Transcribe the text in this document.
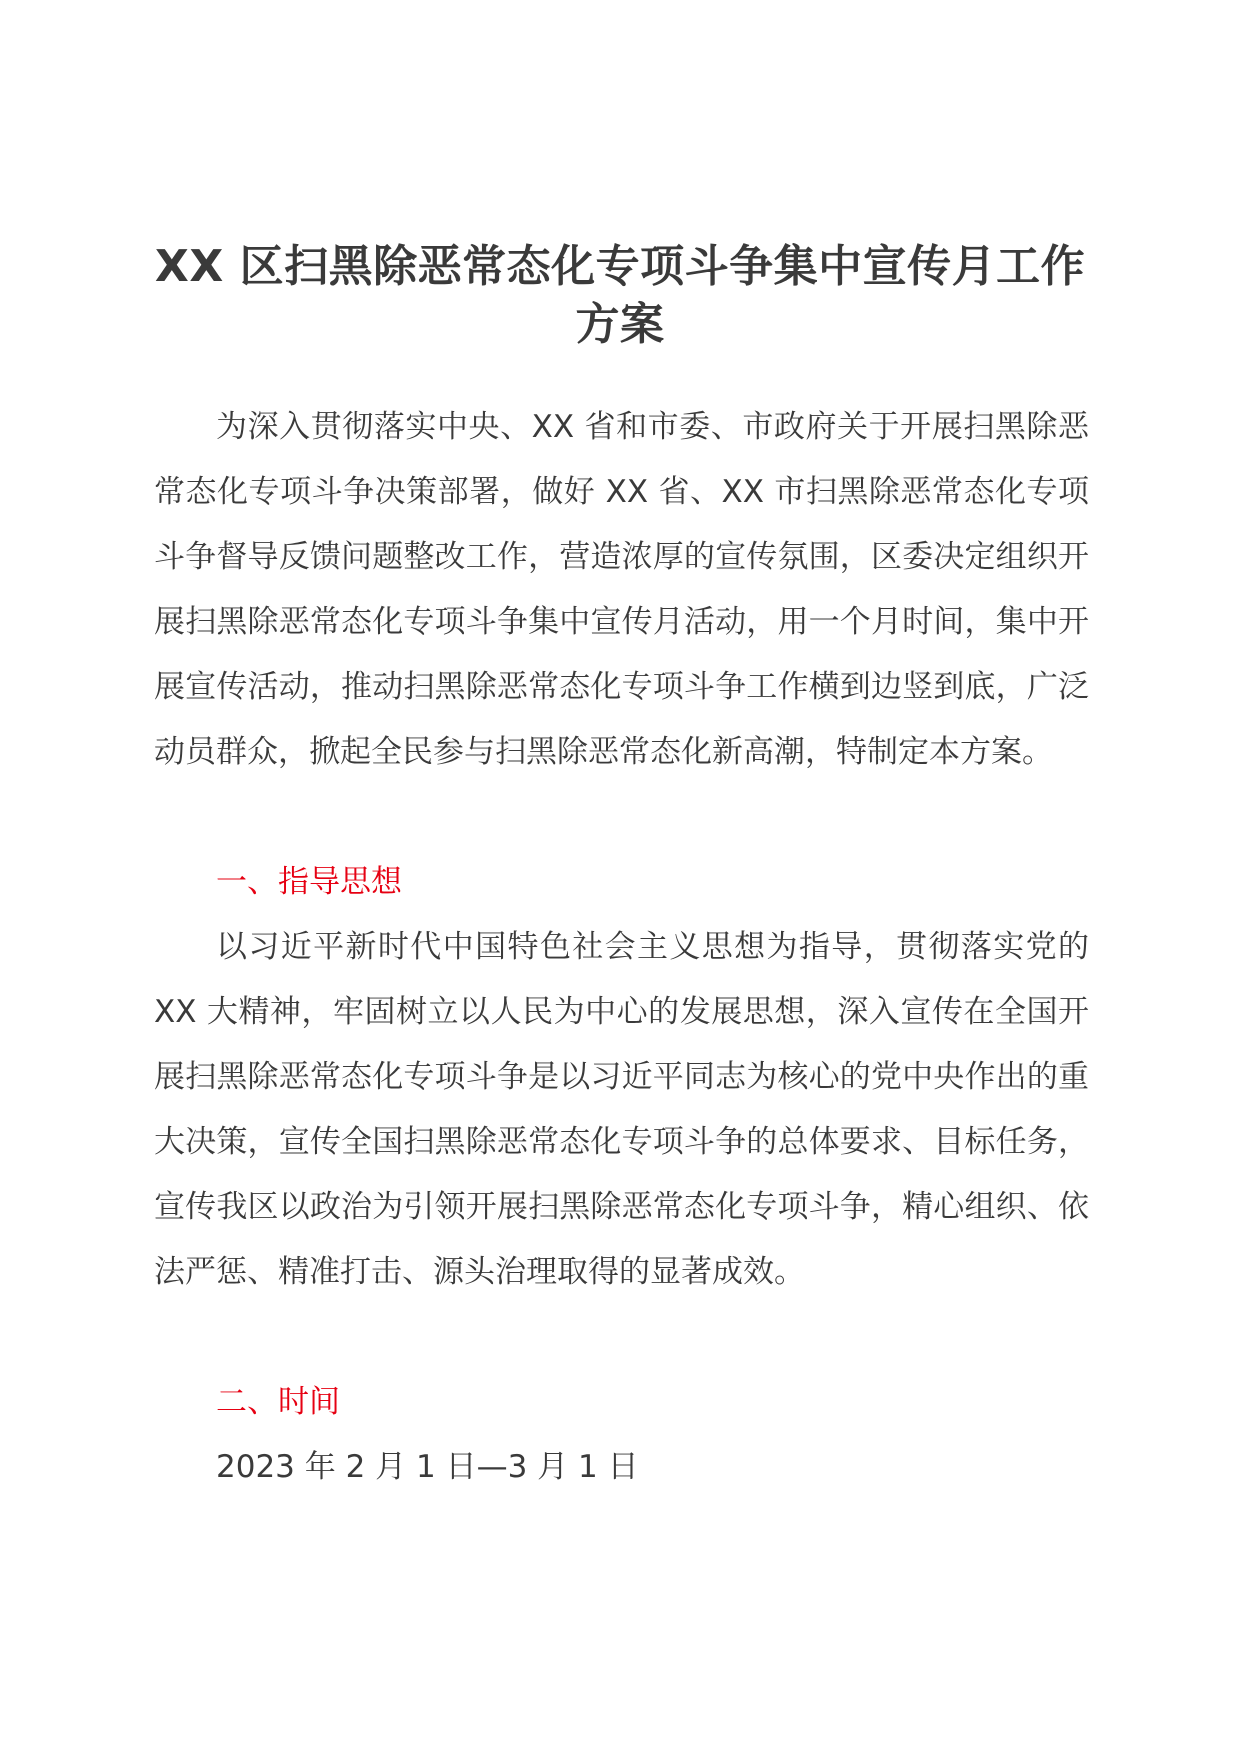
XX 区扫黑除恶常态化专项斗争集中宣传月工作方案

为深入贯彻落实中央、XX 省和市委、市政府关于开展扫黑除恶常态化专项斗争决策部署，做好 XX 省、XX 市扫黑除恶常态化专项斗争督导反馈问题整改工作，营造浓厚的宣传氛围，区委决定组织开展扫黑除恶常态化专项斗争集中宣传月活动，用一个月时间，集中开展宣传活动，推动扫黑除恶常态化专项斗争工作横到边竖到底，广泛动员群众，掀起全民参与扫黑除恶常态化新高潮，特制定本方案。

一、指导思想

以习近平新时代中国特色社会主义思想为指导，贯彻落实党的 XX 大精神，牢固树立以人民为中心的发展思想，深入宣传在全国开展扫黑除恶常态化专项斗争是以习近平同志为核心的党中央作出的重大决策，宣传全国扫黑除恶常态化专项斗争的总体要求、目标任务，宣传我区以政治为引领开展扫黑除恶常态化专项斗争，精心组织、依法严惩、精准打击、源头治理取得的显著成效。

二、时间

2023 年 2 月 1 日—3 月 1 日
